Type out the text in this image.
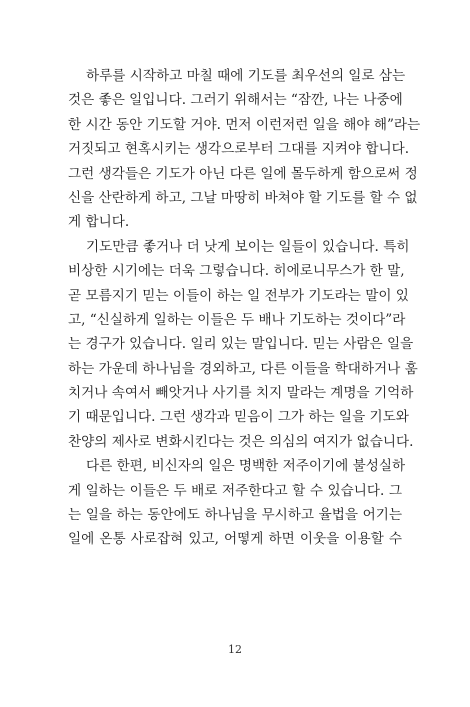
하루를 시작하고 마칠 때에 기도를 최우선의 일로 삼는
것은 좋은 일입니다. 그러기 위해서는 “잠깐, 나는 나중에
한 시간 동안 기도할 거야. 먼저 이런저런 일을 해야 해”라는
거짓되고 현혹시키는 생각으로부터 그대를 지켜야 합니다.
그런 생각들은 기도가 아닌 다른 일에 몰두하게 함으로써 정
신을 산란하게 하고, 그날 마땅히 바쳐야 할 기도를 할 수 없
게 합니다.
기도만큼 좋거나 더 낫게 보이는 일들이 있습니다. 특히
비상한 시기에는 더욱 그렇습니다. 히에로니무스가 한 말,
곧 모름지기 믿는 이들이 하는 일 전부가 기도라는 말이 있
고, “신실하게 일하는 이들은 두 배나 기도하는 것이다”라
는 경구가 있습니다. 일리 있는 말입니다. 믿는 사람은 일을
하는 가운데 하나님을 경외하고, 다른 이들을 학대하거나 훔
치거나 속여서 빼앗거나 사기를 치지 말라는 계명을 기억하
기 때문입니다. 그런 생각과 믿음이 그가 하는 일을 기도와
찬양의 제사로 변화시킨다는 것은 의심의 여지가 없습니다.
다른 한편, 비신자의 일은 명백한 저주이기에 불성실하
게 일하는 이들은 두 배로 저주한다고 할 수 있습니다. 그
는 일을 하는 동안에도 하나님을 무시하고 율법을 어기는
일에 온통 사로잡혀 있고, 어떻게 하면 이웃을 이용할 수
12
